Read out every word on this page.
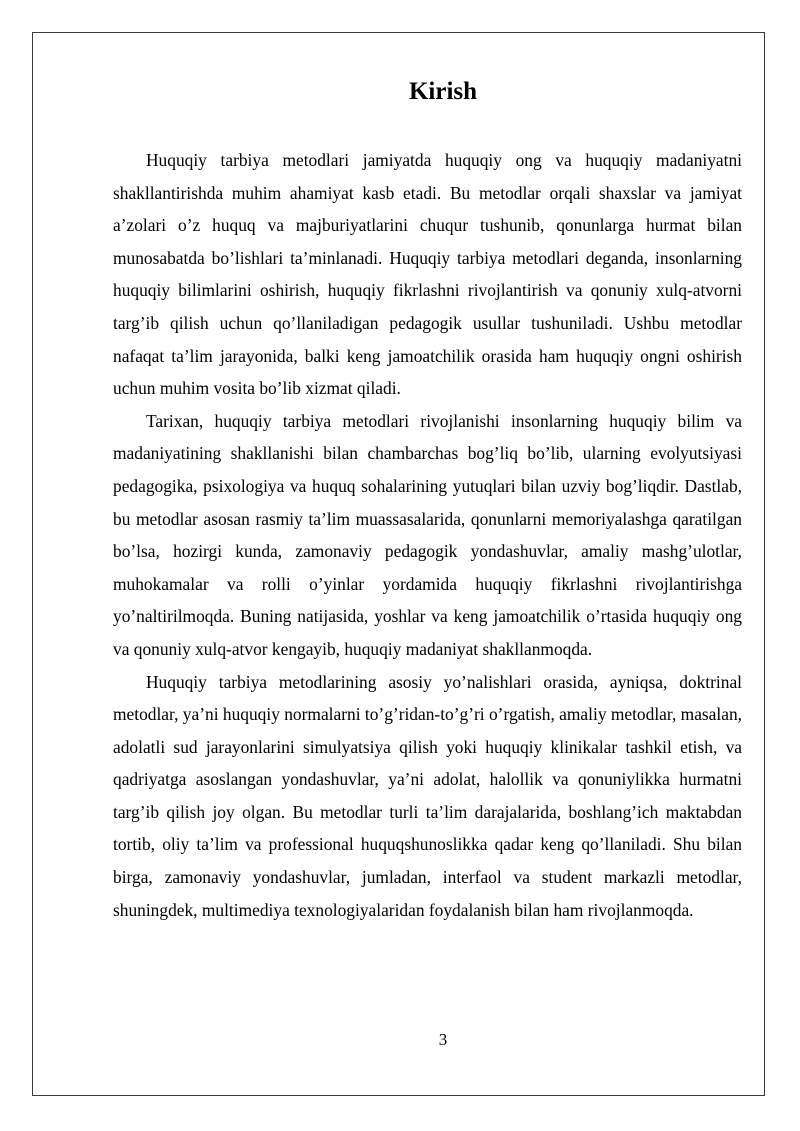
Kirish

Huquqiy tarbiya metodlari jamiyatda huquqiy ong va huquqiy madaniyatni shakllantirishda muhim ahamiyat kasb etadi. Bu metodlar orqali shaxslar va jamiyat a’zolari o’z huquq va majburiyatlarini chuqur tushunib, qonunlarga hurmat bilan munosabatda bo’lishlari ta’minlanadi. Huquqiy tarbiya metodlari deganda, insonlarning huquqiy bilimlarini oshirish, huquqiy fikrlashni rivojlantirish va qonuniy xulq-atvorni targ’ib qilish uchun qo’llaniladigan pedagogik usullar tushuniladi. Ushbu metodlar nafaqat ta’lim jarayonida, balki keng jamoatchilik orasida ham huquqiy ongni oshirish uchun muhim vosita bo’lib xizmat qiladi.

Tarixan, huquqiy tarbiya metodlari rivojlanishi insonlarning huquqiy bilim va madaniyatining shakllanishi bilan chambarchas bog’liq bo’lib, ularning evolyutsiyasi pedagogika, psixologiya va huquq sohalarining yutuqlari bilan uzviy bog’liqdir. Dastlab, bu metodlar asosan rasmiy ta’lim muassasalarida, qonunlarni memoriyalashga qaratilgan bo’lsa, hozirgi kunda, zamonaviy pedagogik yondashuvlar, amaliy mashg’ulotlar, muhokamalar va rolli o’yinlar yordamida huquqiy fikrlashni rivojlantirishga yo’naltirilmoqda. Buning natijasida, yoshlar va keng jamoatchilik o’rtasida huquqiy ong va qonuniy xulq-atvor kengayib, huquqiy madaniyat shakllanmoqda.

Huquqiy tarbiya metodlarining asosiy yo’nalishlari orasida, ayniqsa, doktrinal metodlar, ya’ni huquqiy normalarni to’g’ridan-to’g’ri o’rgatish, amaliy metodlar, masalan, adolatli sud jarayonlarini simulyatsiya qilish yoki huquqiy klinikalar tashkil etish, va qadriyatga asoslangan yondashuvlar, ya’ni adolat, halollik va qonuniylikka hurmatni targ’ib qilish joy olgan. Bu metodlar turli ta’lim darajalarida, boshlang’ich maktabdan tortib, oliy ta’lim va professional huquqshunoslikka qadar keng qo’llaniladi. Shu bilan birga, zamonaviy yondashuvlar, jumladan, interfaol va student markazli metodlar, shuningdek, multimediya texnologiyalaridan foydalanish bilan ham rivojlanmoqda.

3
